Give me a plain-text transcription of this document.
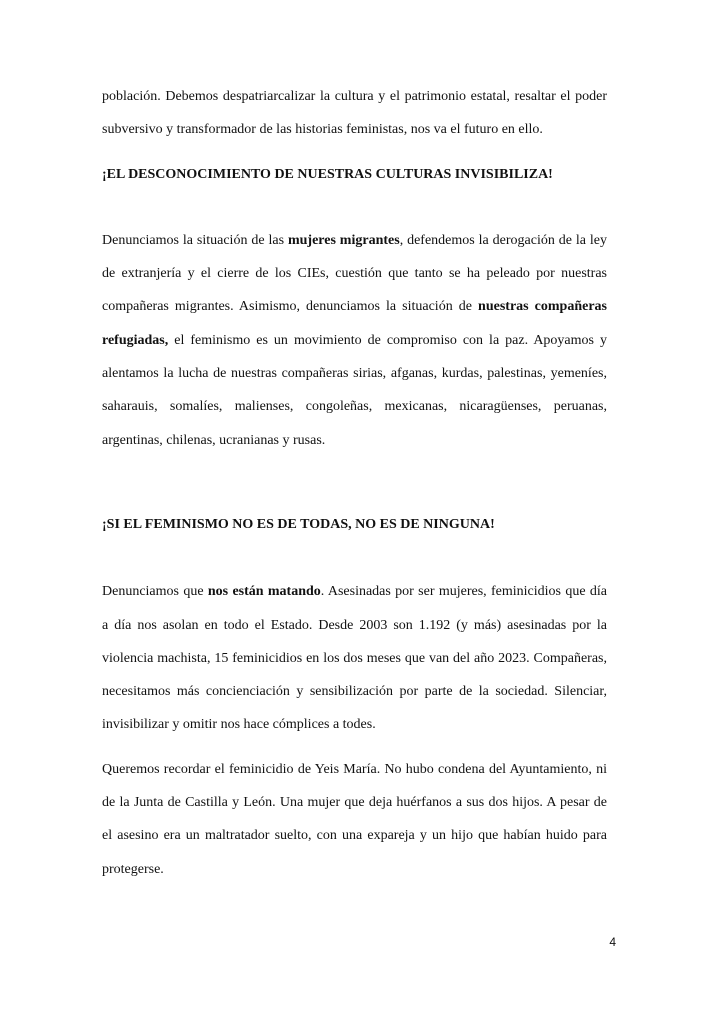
población. Debemos despatriarcalizar la cultura y el patrimonio estatal, resaltar el poder subversivo y transformador de las historias feministas, nos va el futuro en ello.

¡EL DESCONOCIMIENTO DE NUESTRAS CULTURAS INVISIBILIZA!

Denunciamos la situación de las mujeres migrantes, defendemos la derogación de la ley de extranjería y el cierre de los CIEs, cuestión que tanto se ha peleado por nuestras compañeras migrantes. Asimismo, denunciamos la situación de nuestras compañeras refugiadas, el feminismo es un movimiento de compromiso con la paz. Apoyamos y alentamos la lucha de nuestras compañeras sirias, afganas, kurdas, palestinas, yemeníes, saharauis, somalíes, malienses, congoleñas, mexicanas, nicaragüenses, peruanas, argentinas, chilenas, ucranianas y rusas.

¡SI EL FEMINISMO NO ES DE TODAS, NO ES DE NINGUNA!

Denunciamos que nos están matando. Asesinadas por ser mujeres, feminicidios que día a día nos asolan en todo el Estado. Desde 2003 son 1.192 (y más) asesinadas por la violencia machista, 15 feminicidios en los dos meses que van del año 2023. Compañeras, necesitamos más concienciación y sensibilización por parte de la sociedad. Silenciar, invisibilizar y omitir nos hace cómplices a todes.

Queremos recordar el feminicidio de Yeis María. No hubo condena del Ayuntamiento, ni de la Junta de Castilla y León. Una mujer que deja huérfanos a sus dos hijos. A pesar de el asesino era un maltratador suelto, con una expareja y un hijo que habían huido para protegerse.

4
